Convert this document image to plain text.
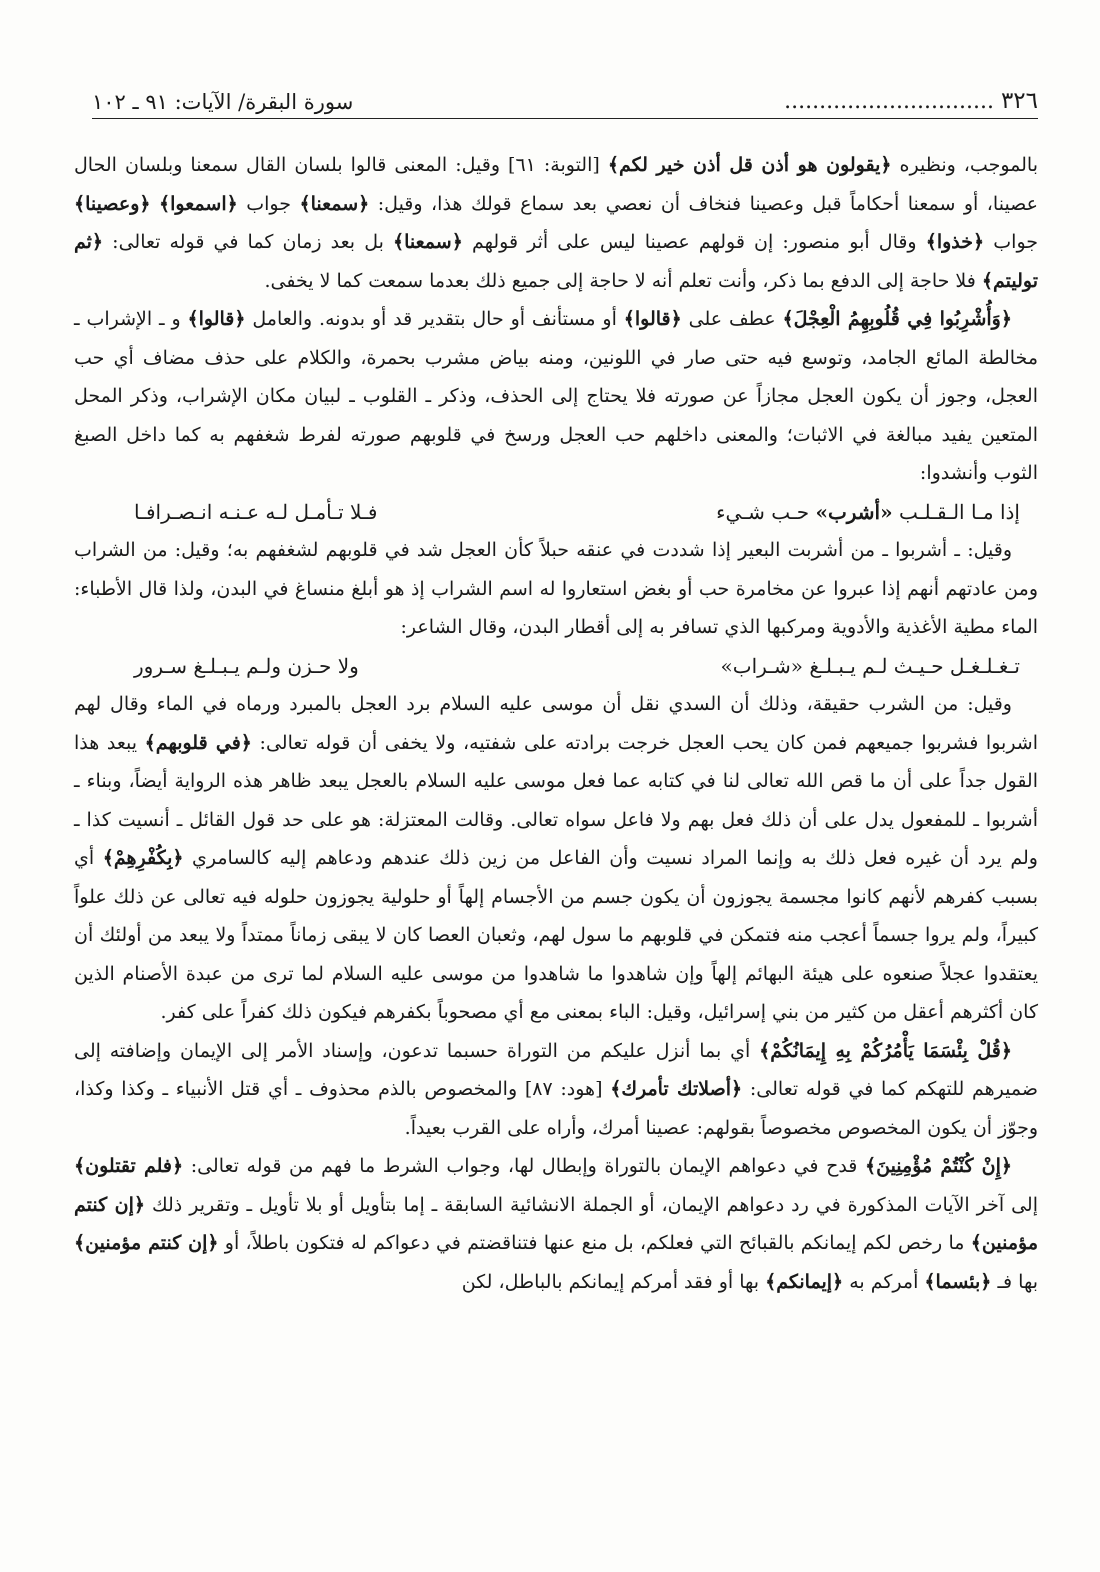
٣٢٦ ..............................
سورة البقرة/ الآيات: ٩١ ـ ١٠٢

بالموجب، ونظيره ﴿يقولون هو أذن قل أذن خير لكم﴾ [التوبة: ٦١] وقيل: المعنى قالوا بلسان القال سمعنا وبلسان الحال عصينا، أو سمعنا أحكاماً قبل وعصينا فنخاف أن نعصي بعد سماع قولك هذا، وقيل: ﴿سمعنا﴾ جواب ﴿اسمعوا﴾ ﴿وعصينا﴾ جواب ﴿خذوا﴾ وقال أبو منصور: إن قولهم عصينا ليس على أثر قولهم ﴿سمعنا﴾ بل بعد زمان كما في قوله تعالى: ﴿ثم توليتم﴾ فلا حاجة إلى الدفع بما ذكر، وأنت تعلم أنه لا حاجة إلى جميع ذلك بعدما سمعت كما لا يخفى.

﴿وَأُشْرِبُوا فِي قُلُوبِهِمُ الْعِجْلَ﴾ عطف على ﴿قالوا﴾ أو مستأنف أو حال بتقدير قد أو بدونه. والعامل ﴿قالوا﴾ و ـ الإشراب ـ مخالطة المائع الجامد، وتوسع فيه حتى صار في اللونين، ومنه بياض مشرب بحمرة، والكلام على حذف مضاف أي حب العجل، وجوز أن يكون العجل مجازاً عن صورته فلا يحتاج إلى الحذف، وذكر ـ القلوب ـ لبيان مكان الإشراب، وذكر المحل المتعين يفيد مبالغة في الاثبات؛ والمعنى داخلهم حب العجل ورسخ في قلوبهم صورته لفرط شغفهم به كما داخل الصبغ الثوب وأنشدوا:

إذا مـا الـقـلـب «أشرب» حـب شـيء
فـلا تـأمـل لـه عـنـه انـصـرافـا

وقيل: ـ أشربوا ـ من أشربت البعير إذا شددت في عنقه حبلاً كأن العجل شد في قلوبهم لشغفهم به؛ وقيل: من الشراب ومن عادتهم أنهم إذا عبروا عن مخامرة حب أو بغض استعاروا له اسم الشراب إذ هو أبلغ منساغ في البدن، ولذا قال الأطباء: الماء مطية الأغذية والأدوية ومركبها الذي تسافر به إلى أقطار البدن، وقال الشاعر:

تـغـلـغـل حـيـث لـم يـبـلـغ «شـراب»
ولا حـزن ولـم يـبـلـغ سـرور

وقيل: من الشرب حقيقة، وذلك أن السدي نقل أن موسى عليه السلام برد العجل بالمبرد ورماه في الماء وقال لهم اشربوا فشربوا جميعهم فمن كان يحب العجل خرجت برادته على شفتيه، ولا يخفى أن قوله تعالى: ﴿في قلوبهم﴾ يبعد هذا القول جداً على أن ما قص الله تعالى لنا في كتابه عما فعل موسى عليه السلام بالعجل يبعد ظاهر هذه الرواية أيضاً، وبناء ـ أشربوا ـ للمفعول يدل على أن ذلك فعل بهم ولا فاعل سواه تعالى. وقالت المعتزلة: هو على حد قول القائل ـ أنسيت كذا ـ ولم يرد أن غيره فعل ذلك به وإنما المراد نسيت وأن الفاعل من زين ذلك عندهم ودعاهم إليه كالسامري ﴿بِكُفْرِهِمْ﴾ أي بسبب كفرهم لأنهم كانوا مجسمة يجوزون أن يكون جسم من الأجسام إلهاً أو حلولية يجوزون حلوله فيه تعالى عن ذلك علواً كبيراً، ولم يروا جسماً أعجب منه فتمكن في قلوبهم ما سول لهم، وثعبان العصا كان لا يبقى زماناً ممتداً ولا يبعد من أولئك أن يعتقدوا عجلاً صنعوه على هيئة البهائم إلهاً وإن شاهدوا ما شاهدوا من موسى عليه السلام لما ترى من عبدة الأصنام الذين كان أكثرهم أعقل من كثير من بني إسرائيل، وقيل: الباء بمعنى مع أي مصحوباً بكفرهم فيكون ذلك كفراً على كفر.

﴿قُلْ بِئْسَمَا يَأْمُرُكُمْ بِهِ إِيمَانُكُمْ﴾ أي بما أنزل عليكم من التوراة حسبما تدعون، وإسناد الأمر إلى الإيمان وإضافته إلى ضميرهم للتهكم كما في قوله تعالى: ﴿أصلاتك تأمرك﴾ [هود: ٨٧] والمخصوص بالذم محذوف ـ أي قتل الأنبياء ـ وكذا وكذا، وجوّز أن يكون المخصوص مخصوصاً بقولهم: عصينا أمرك، وأراه على القرب بعيداً.

﴿إِنْ كُنْتُمْ مُؤْمِنِينَ﴾ قدح في دعواهم الإيمان بالتوراة وإبطال لها، وجواب الشرط ما فهم من قوله تعالى: ﴿فلم تقتلون﴾ إلى آخر الآيات المذكورة في رد دعواهم الإيمان، أو الجملة الانشائية السابقة ـ إما بتأويل أو بلا تأويل ـ وتقرير ذلك ﴿إن كنتم مؤمنين﴾ ما رخص لكم إيمانكم بالقبائح التي فعلكم، بل منع عنها فتناقضتم في دعواكم له فتكون باطلاً، أو ﴿إن كنتم مؤمنين﴾ بها فـ ﴿بئسما﴾ أمركم به ﴿إيمانكم﴾ بها أو فقد أمركم إيمانكم بالباطل، لكن
